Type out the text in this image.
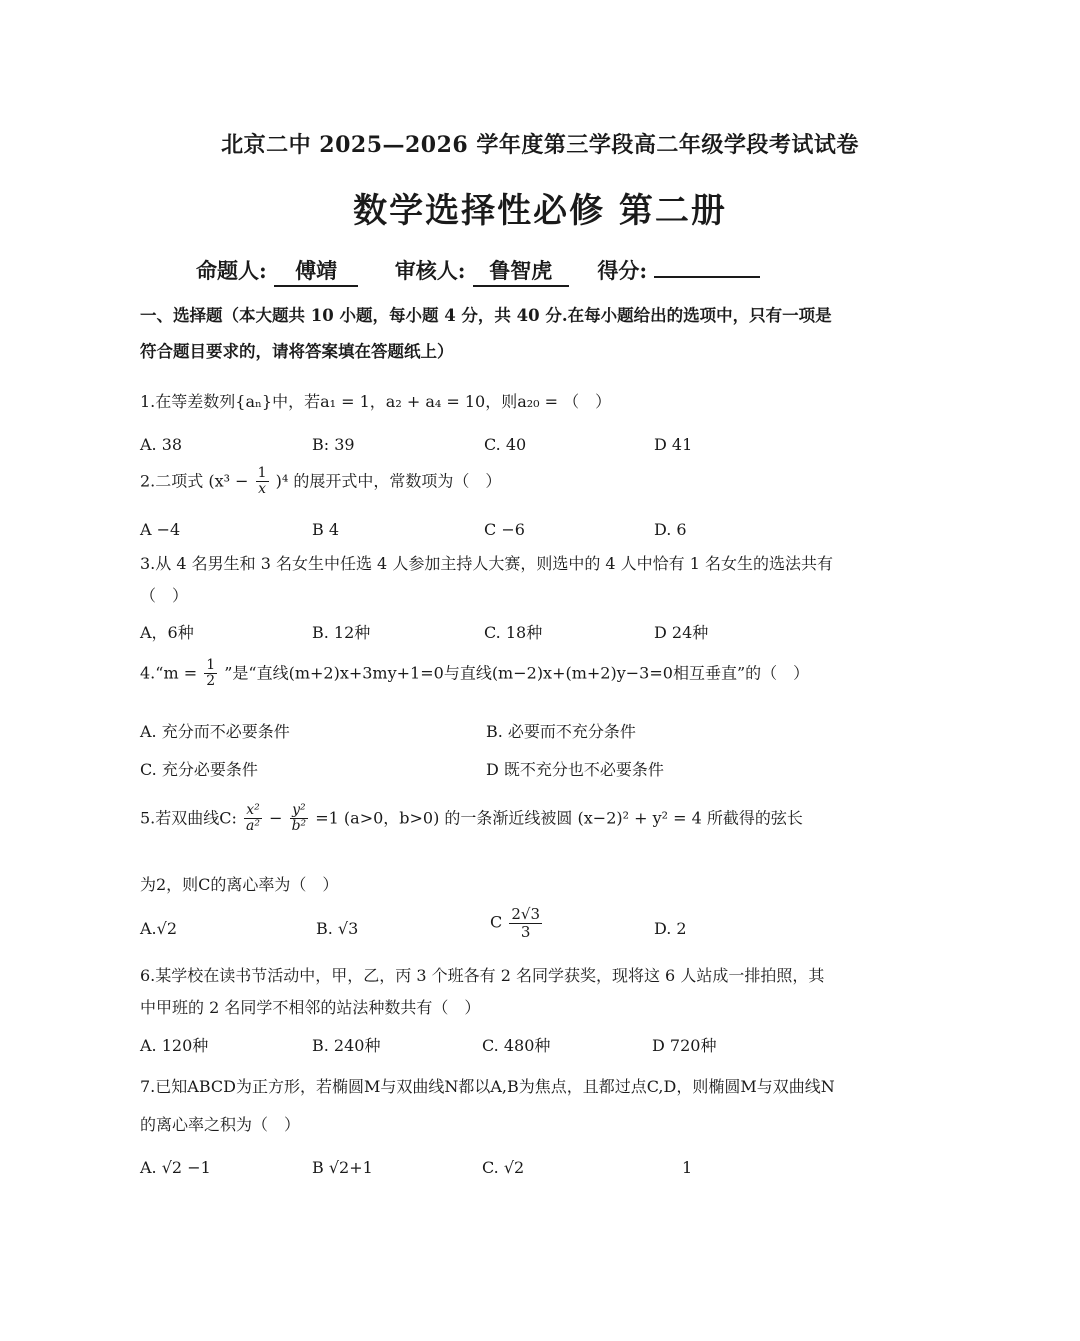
北京二中 2025—2026 学年度第三学段高二年级学段考试试卷
数学选择性必修 第二册
命题人: 傅靖	审核人: 鲁智虎 得分:
一、选择题（本大题共 10 小题，每小题 4 分，共 40 分.在每小题给出的选项中，只有一项是符合题目要求的，请将答案填在答题纸上）
1.在等差数列{aₙ}中，若a₁ = 1，a₂ + a₄ = 10，则a₂₀ = （　）
A. 38	B: 39	C. 40	D 41
2.二项式 $(x^3 - \frac{1}{x} )^4$ 的展开式中，常数项为（　）
A −4	B 4	C −6	D. 6
3.从 4 名男生和 3 名女生中任选 4 人参加主持人大赛，则选中的 4 人中恰有 1 名女生的选法共有（　）
A，6种	B. 12种	C. 18种	D 24种
4.“m = $\frac{1}{2}$ ”是“直线(m+2)x+3my+1=0与直线(m−2)x+(m+2)y−3=0相互垂直”的（　）
A. 充分而不必要条件	B. 必要而不充分条件
C. 充分必要条件	D 既不充分也不必要条件
5.若双曲线C: $\frac{\text{x²}}{\text{a²}} - \frac{\text{y²}}{\text{b²}} =1$ (a>0，b>0) 的一条渐近线被圆 (x−2)² + y² = 4 所截得的弦长
为2，则C的离心率为（　）
A.√2	B. √3	C $\frac{2√3}{3}$	D. 2
6.某学校在读书节活动中，甲，乙，丙 3 个班各有 2 名同学获奖，现将这 6 人站成一排拍照，其中甲班的 2 名同学不相邻的站法种数共有（　）
A. 120种	B. 240种	C. 480种	D 720种
7.已知ABCD为正方形，若椭圆M与双曲线N都以A,B为焦点，且都过点C,D，则椭圆M与双曲线N的离心率之积为（　）
A. √2 −1	B √2+1	C. √2	1
